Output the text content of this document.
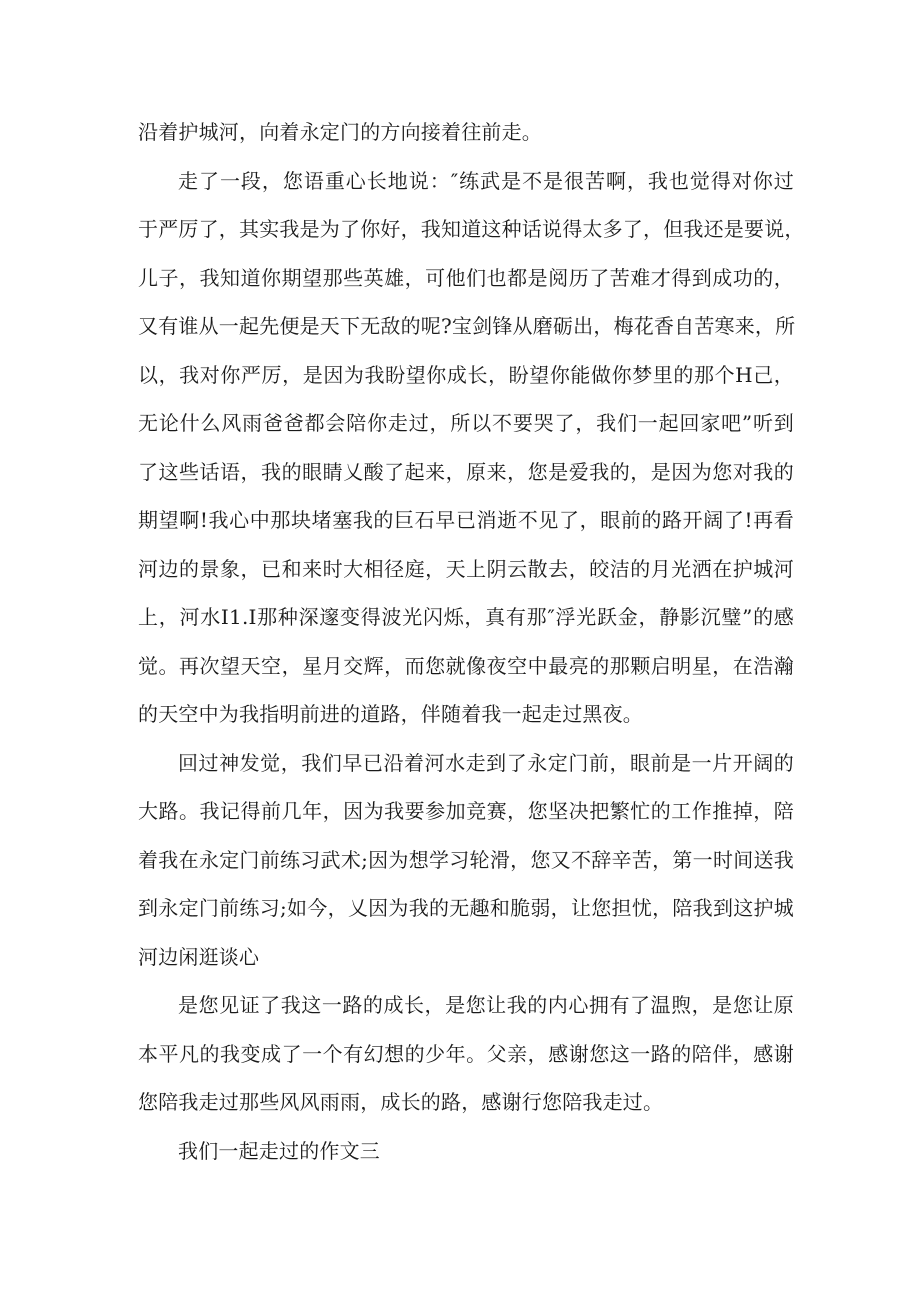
沿着护城河，向着永定门的方向接着往前走。
走了一段，您语重心长地说：″练武是不是很苦啊，我也觉得对你过
于严厉了，其实我是为了你好，我知道这种话说得太多了，但我还是要说，
儿子，我知道你期望那些英雄，可他们也都是阅历了苦难才得到成功的，
又有谁从一起先便是天下无敌的呢?宝剑锋从磨砺出，梅花香自苦寒来，所
以，我对你严厉，是因为我盼望你成长，盼望你能做你梦里的那个H己，
无论什么风雨爸爸都会陪你走过，所以不要哭了，我们一起回家吧”听到
了这些话语，我的眼睛乂酸了起来，原来，您是爱我的，是因为您对我的
期望啊!我心中那块堵塞我的巨石早已消逝不见了，眼前的路开阔了!再看
河边的景象，已和来时大相径庭，天上阴云散去，皎洁的月光洒在护城河
上，河水I1.I那种深邃变得波光闪烁，真有那″浮光跃金，静影沉璧”的感
觉。再次望天空，星月交辉，而您就像夜空中最亮的那颗启明星，在浩瀚
的天空中为我指明前进的道路，伴随着我一起走过黑夜。
回过神发觉，我们早已沿着河水走到了永定门前，眼前是一片开阔的
大路。我记得前几年，因为我要参加竞赛，您坚决把繁忙的工作推掉，陪
着我在永定门前练习武术;因为想学习轮滑，您又不辞辛苦，第一时间送我
到永定门前练习;如今，乂因为我的无趣和脆弱，让您担忧，陪我到这护城
河边闲逛谈心
是您见证了我这一路的成长，是您让我的内心拥有了温煦，是您让原
本平凡的我变成了一个有幻想的少年。父亲，感谢您这一路的陪伴，感谢
您陪我走过那些风风雨雨，成长的路，感谢行您陪我走过。
我们一起走过的作文三
